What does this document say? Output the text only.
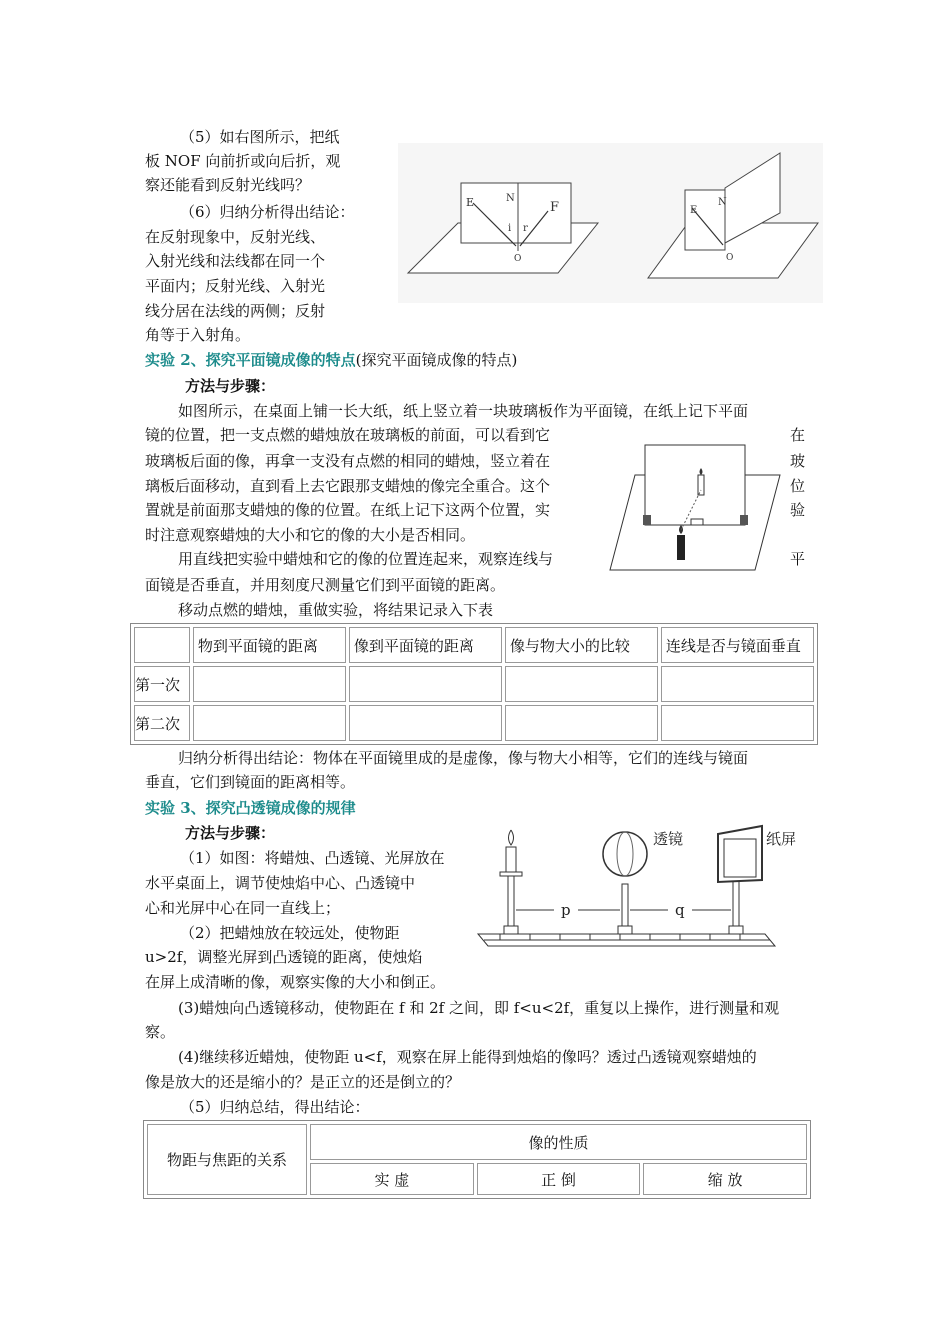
（5）如右图所示，把纸
板 NOF 向前折或向后折，观
察还能看到反射光线吗？
（6）归纳分析得出结论：
在反射现象中，反射光线、
入射光线和法线都在同一个
平面内；反射光线、入射光
线分居在法线的两侧；反射
角等于入射角。
E	N
i r
F
O
E
N
O
实验 2、探究平面镜成像的特点(探究平面镜成像的特点)
方法与步骤：
如图所示，在桌面上铺一长大纸，纸上竖立着一块玻璃板作为平面镜，在纸上记下平面
镜的位置，把一支点燃的蜡烛放在玻璃板的前面，可以看到它
玻璃板后面的像，再拿一支没有点燃的相同的蜡烛，竖立着在
璃板后面移动，直到看上去它跟那支蜡烛的像完全重合。这个
置就是前面那支蜡烛的像的位置。在纸上记下这两个位置，实
时注意观察蜡烛的大小和它的像的大小是否相同。
用直线把实验中蜡烛和它的像的位置连起来，观察连线与
面镜是否垂直，并用刻度尺测量它们到平面镜的距离。
移动点燃的蜡烛，重做实验，将结果记录入下表
在
玻
位
验
平
	物到平面镜的距离	像到平面镜的距离	像与物大小的比较	连线是否与镜面垂直
第一次				
第二次				
归纳分析得出结论：物体在平面镜里成的是虚像，像与物大小相等，它们的连线与镜面
垂直，它们到镜面的距离相等。
实验 3、探究凸透镜成像的规律
方法与步骤：
（1）如图：将蜡烛、凸透镜、光屏放在
水平桌面上，调节使烛焰中心、凸透镜中
心和光屏中心在同一直线上；
（2）把蜡烛放在较远处，使物距
u>2f，调整光屏到凸透镜的距离，使烛焰
在屏上成清晰的像，观察实像的大小和倒正。
透镜	纸屏
p	q
(3)蜡烛向凸透镜移动，使物距在 f 和 2f 之间，即 f<u<2f，重复以上操作，进行测量和观
察。
(4)继续移近蜡烛，使物距 u<f，观察在屏上能得到烛焰的像吗？透过凸透镜观察蜡烛的
像是放大的还是缩小的？是正立的还是倒立的？
（5）归纳总结，得出结论：
物距与焦距的关系	像的性质		
	实 虚	正 倒	缩 放
